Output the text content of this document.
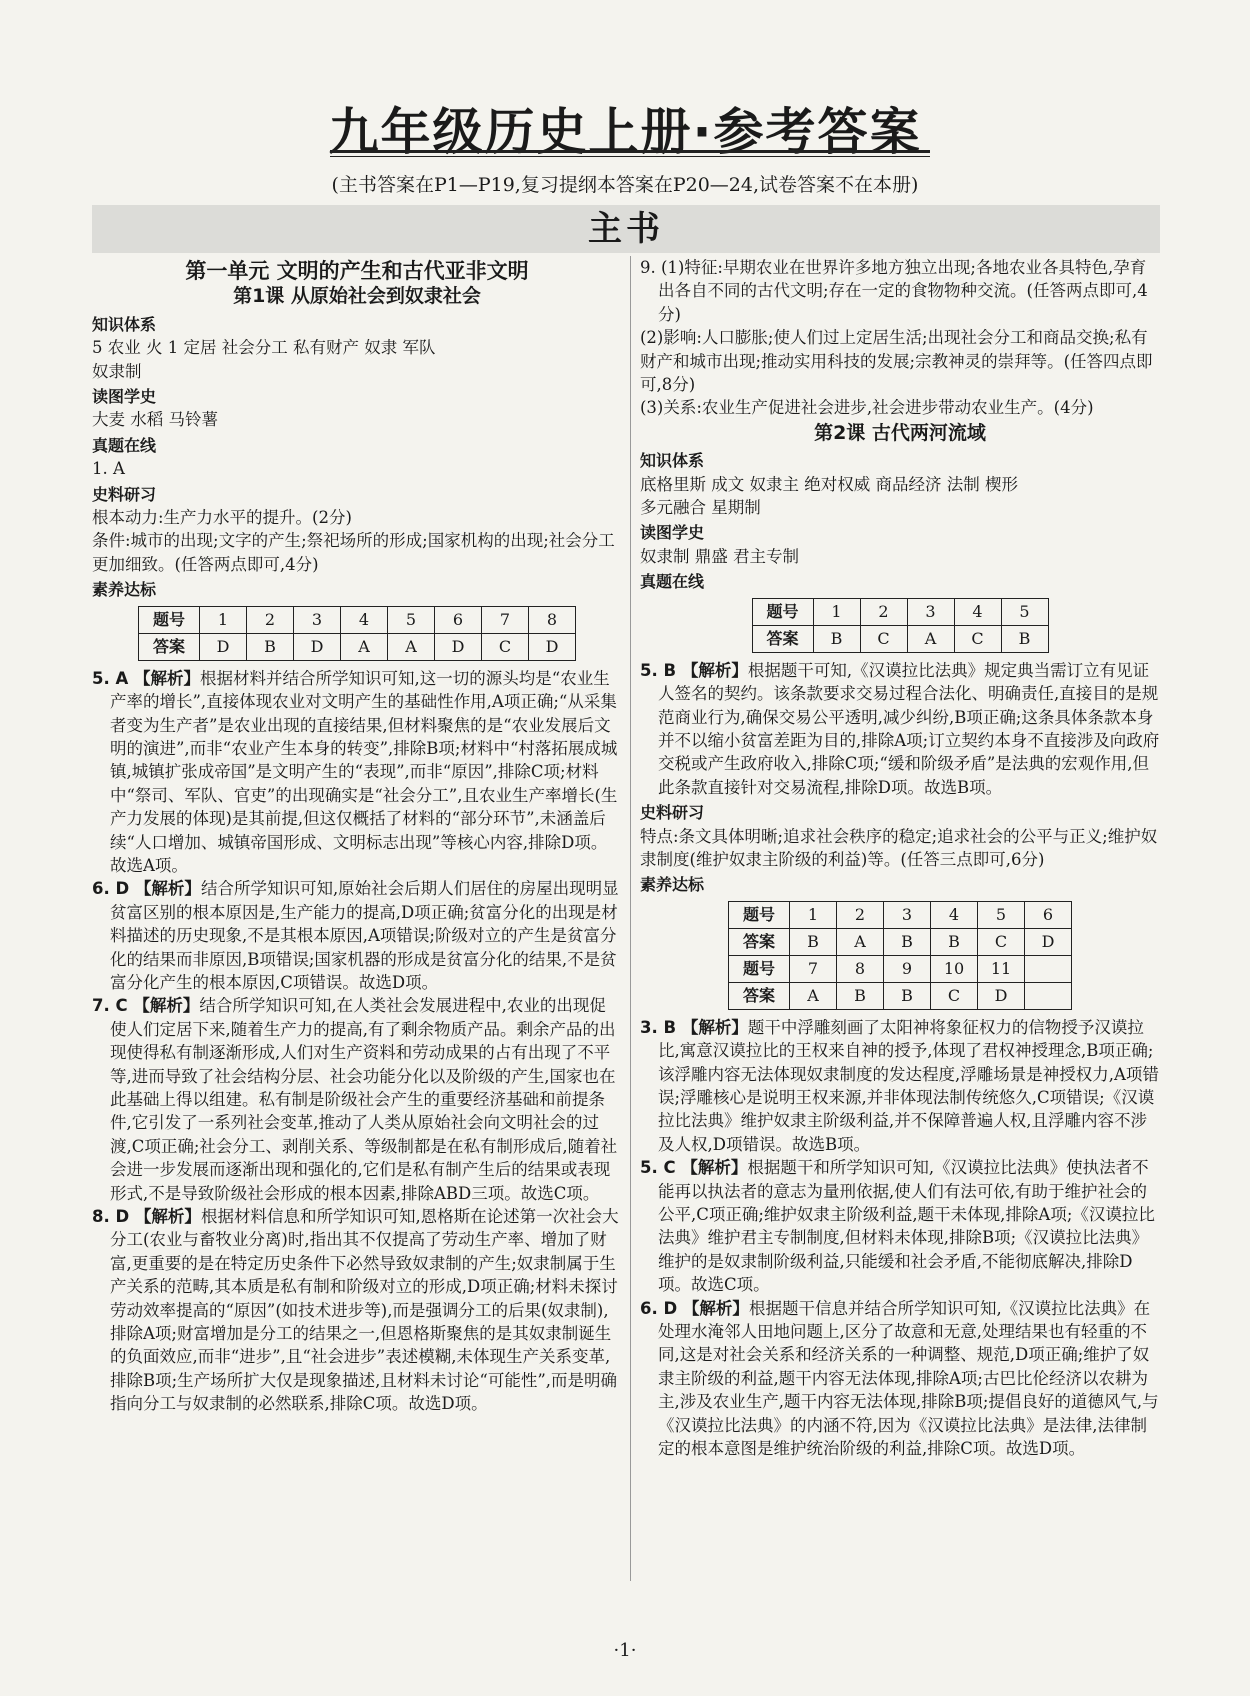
九年级历史上册·参考答案
(主书答案在P1—P19,复习提纲本答案在P20—24,试卷答案不在本册)
主书
第一单元 文明的产生和古代亚非文明
第1课 从原始社会到奴隶社会
知识体系

5 农业 火 1 定居 社会分工 私有财产 奴隶 军队

奴隶制

读图学史

大麦 水稻 马铃薯

真题在线

1. A

史料研习

根本动力:生产力水平的提升。(2分)

条件:城市的出现;文字的产生;祭祀场所的形成;国家机构的出现;社会分工更加细致。(任答两点即可,4分)

素养达标
题号	1	2	3	4	5	6	7	8
答案	D	B	D	A	A	D	C	D

5. A 【解析】根据材料并结合所学知识可知,这一切的源头均是“农业生产率的增长”,直接体现农业对文明产生的基础性作用,A项正确;“从采集者变为生产者”是农业出现的直接结果,但材料聚焦的是“农业发展后文明的演进”,而非“农业产生本身的转变”,排除B项;材料中“村落拓展成城镇,城镇扩张成帝国”是文明产生的“表现”,而非“原因”,排除C项;材料中“祭司、军队、官吏”的出现确实是“社会分工”,且农业生产率增长(生产力发展的体现)是其前提,但这仅概括了材料的“部分环节”,未涵盖后续“人口增加、城镇帝国形成、文明标志出现”等核心内容,排除D项。故选A项。

6. D 【解析】结合所学知识可知,原始社会后期人们居住的房屋出现明显贫富区别的根本原因是,生产能力的提高,D项正确;贫富分化的出现是材料描述的历史现象,不是其根本原因,A项错误;阶级对立的产生是贫富分化的结果而非原因,B项错误;国家机器的形成是贫富分化的结果,不是贫富分化产生的根本原因,C项错误。故选D项。

7. C 【解析】结合所学知识可知,在人类社会发展进程中,农业的出现促使人们定居下来,随着生产力的提高,有了剩余物质产品。剩余产品的出现使得私有制逐渐形成,人们对生产资料和劳动成果的占有出现了不平等,进而导致了社会结构分层、社会功能分化以及阶级的产生,国家也在此基础上得以组建。私有制是阶级社会产生的重要经济基础和前提条件,它引发了一系列社会变革,推动了人类从原始社会向文明社会的过渡,C项正确;社会分工、剥削关系、等级制都是在私有制形成后,随着社会进一步发展而逐渐出现和强化的,它们是私有制产生后的结果或表现形式,不是导致阶级社会形成的根本因素,排除ABD三项。故选C项。

8. D 【解析】根据材料信息和所学知识可知,恩格斯在论述第一次社会大分工(农业与畜牧业分离)时,指出其不仅提高了劳动生产率、增加了财富,更重要的是在特定历史条件下必然导致奴隶制的产生;奴隶制属于生产关系的范畴,其本质是私有制和阶级对立的形成,D项正确;材料未探讨劳动效率提高的“原因”(如技术进步等),而是强调分工的后果(奴隶制),排除A项;财富增加是分工的结果之一,但恩格斯聚焦的是其奴隶制诞生的负面效应,而非“进步”,且“社会进步”表述模糊,未体现生产关系变革,排除B项;生产场所扩大仅是现象描述,且材料未讨论“可能性”,而是明确指向分工与奴隶制的必然联系,排除C项。故选D项。

9. (1)特征:早期农业在世界许多地方独立出现;各地农业各具特色,孕育出各自不同的古代文明;存在一定的食物物种交流。(任答两点即可,4分)

(2)影响:人口膨胀;使人们过上定居生活;出现社会分工和商品交换;私有财产和城市出现;推动实用科技的发展;宗教神灵的崇拜等。(任答四点即可,8分)

(3)关系:农业生产促进社会进步,社会进步带动农业生产。(4分)

第2课 古代两河流域
知识体系

底格里斯 成文 奴隶主 绝对权威 商品经济 法制 楔形

多元融合 星期制

读图学史

奴隶制 鼎盛 君主专制

真题在线
题号	1	2	3	4	5
答案	B	C	A	C	B

5. B 【解析】根据题干可知,《汉谟拉比法典》规定典当需订立有见证人签名的契约。该条款要求交易过程合法化、明确责任,直接目的是规范商业行为,确保交易公平透明,减少纠纷,B项正确;这条具体条款本身并不以缩小贫富差距为目的,排除A项;订立契约本身不直接涉及向政府交税或产生政府收入,排除C项;“缓和阶级矛盾”是法典的宏观作用,但此条款直接针对交易流程,排除D项。故选B项。

史料研习

特点:条文具体明晰;追求社会秩序的稳定;追求社会的公平与正义;维护奴隶制度(维护奴隶主阶级的利益)等。(任答三点即可,6分)

素养达标
题号	1	2	3	4	5	6
答案	B	A	B	B	C	D
题号	7	8	9	10	11	
答案	A	B	B	C	D	

3. B 【解析】题干中浮雕刻画了太阳神将象征权力的信物授予汉谟拉比,寓意汉谟拉比的王权来自神的授予,体现了君权神授理念,B项正确;该浮雕内容无法体现奴隶制度的发达程度,浮雕场景是神授权力,A项错误;浮雕核心是说明王权来源,并非体现法制传统悠久,C项错误;《汉谟拉比法典》维护奴隶主阶级利益,并不保障普遍人权,且浮雕内容不涉及人权,D项错误。故选B项。

5. C 【解析】根据题干和所学知识可知,《汉谟拉比法典》使执法者不能再以执法者的意志为量刑依据,使人们有法可依,有助于维护社会的公平,C项正确;维护奴隶主阶级利益,题干未体现,排除A项;《汉谟拉比法典》维护君主专制制度,但材料未体现,排除B项;《汉谟拉比法典》维护的是奴隶制阶级利益,只能缓和社会矛盾,不能彻底解决,排除D项。故选C项。

6. D 【解析】根据题干信息并结合所学知识可知,《汉谟拉比法典》在处理水淹邻人田地问题上,区分了故意和无意,处理结果也有轻重的不同,这是对社会关系和经济关系的一种调整、规范,D项正确;维护了奴隶主阶级的利益,题干内容无法体现,排除A项;古巴比伦经济以农耕为主,涉及农业生产,题干内容无法体现,排除B项;提倡良好的道德风气,与《汉谟拉比法典》的内涵不符,因为《汉谟拉比法典》是法律,法律制定的根本意图是维护统治阶级的利益,排除C项。故选D项。

·1·
